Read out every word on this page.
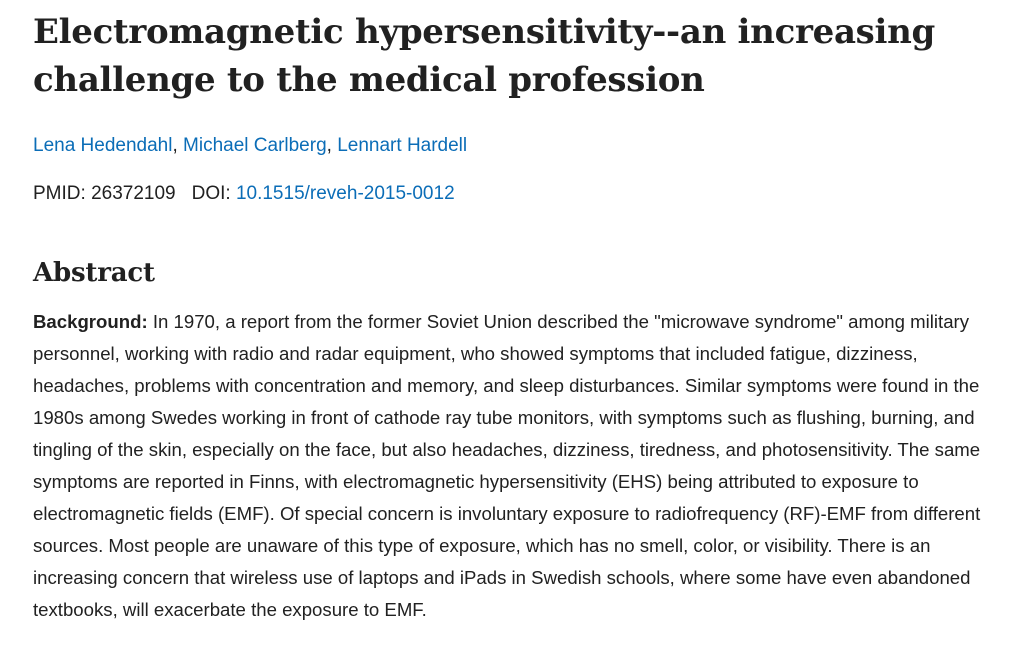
Electromagnetic hypersensitivity--an increasing challenge to the medical profession
Lena Hedendahl, Michael Carlberg, Lennart Hardell
PMID: 26372109 DOI: 10.1515/reveh-2015-0012
Abstract

Background: In 1970, a report from the former Soviet Union described the "microwave syndrome" among military personnel, working with radio and radar equipment, who showed symptoms that included fatigue, dizziness, headaches, problems with concentration and memory, and sleep disturbances. Similar symptoms were found in the 1980s among Swedes working in front of cathode ray tube monitors, with symptoms such as flushing, burning, and tingling of the skin, especially on the face, but also headaches, dizziness, tiredness, and photosensitivity. The same symptoms are reported in Finns, with electromagnetic hypersensitivity (EHS) being attributed to exposure to electromagnetic fields (EMF). Of special concern is involuntary exposure to radiofrequency (RF)-EMF from different sources. Most people are unaware of this type of exposure, which has no smell, color, or visibility. There is an increasing concern that wireless use of laptops and iPads in Swedish schools, where some have even abandoned textbooks, will exacerbate the exposure to EMF.
